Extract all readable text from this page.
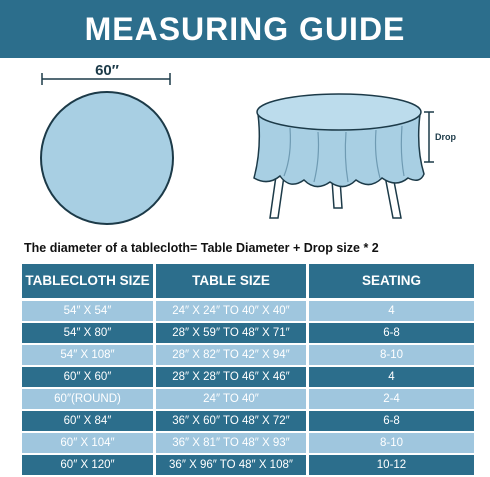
MEASURING GUIDE
60″
Drop
The diameter of a tablecloth= Table Diameter + Drop size * 2
TABLECLOTH SIZE	TABLE SIZE	SEATING
54″ X 54″	24″ X 24″ TO 40″ X 40″	4
54″ X 80″	28″ X 59″ TO 48″ X 71″	6-8
54″ X 108″	28″ X 82″ TO 42″ X 94″	8-10
60″ X 60″	28″ X 28″ TO 46″ X 46″	4
60″(ROUND)	24″ TO 40″	2-4
60″ X 84″	36″ X 60″ TO 48″ X 72″	6-8
60″ X 104″	36″ X 81″ TO 48″ X 93″	8-10
60″ X 120″	36″ X 96″ TO 48″ X 108″	10-12
